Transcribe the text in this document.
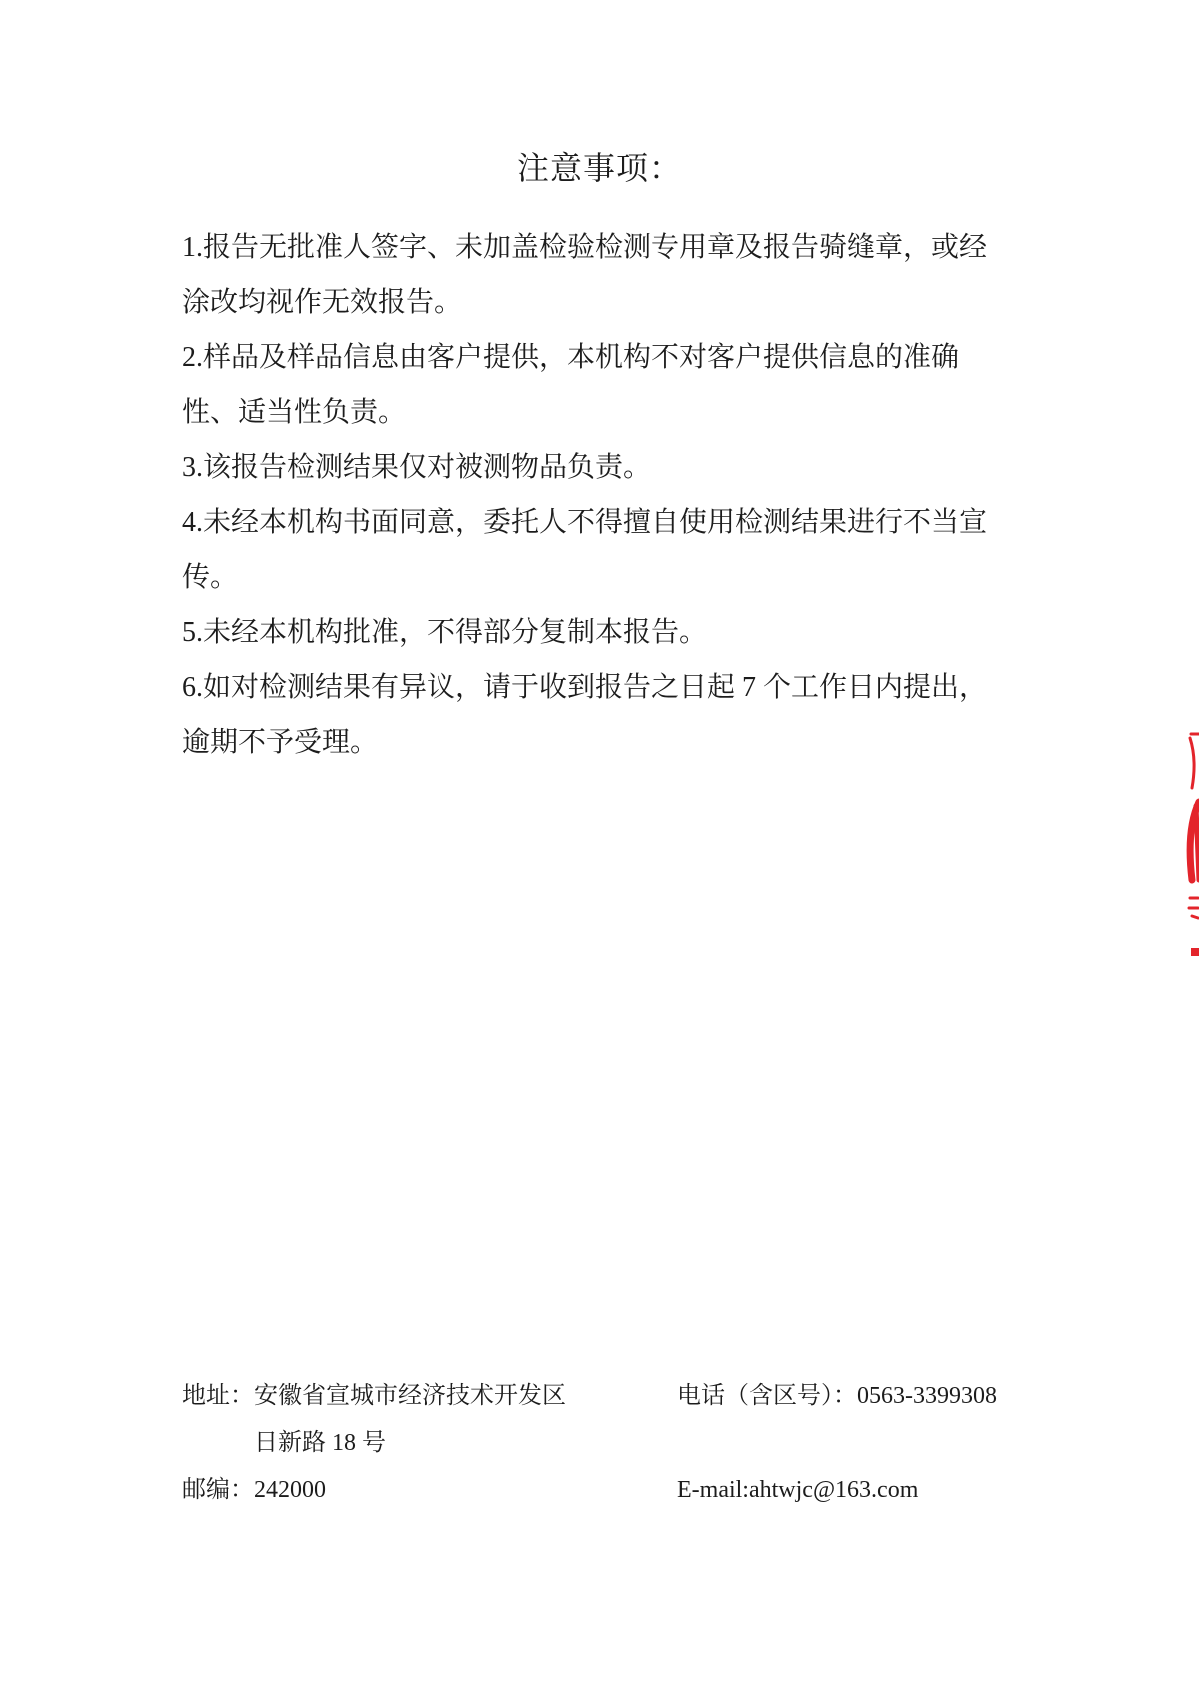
注意事项：
1.报告无批准人签字、未加盖检验检测专用章及报告骑缝章，或经
涂改均视作无效报告。
2.样品及样品信息由客户提供，本机构不对客户提供信息的准确
性、适当性负责。
3.该报告检测结果仅对被测物品负责。
4.未经本机构书面同意，委托人不得擅自使用检测结果进行不当宣
传。
5.未经本机构批准，不得部分复制本报告。
6.如对检测结果有异议，请于收到报告之日起 7 个工作日内提出，
逾期不予受理。
地址：安徽省宣城市经济技术开发区
日新路 18 号
邮编：242000
电话（含区号）：0563-3399308
E-mail:ahtwjc@163.com
